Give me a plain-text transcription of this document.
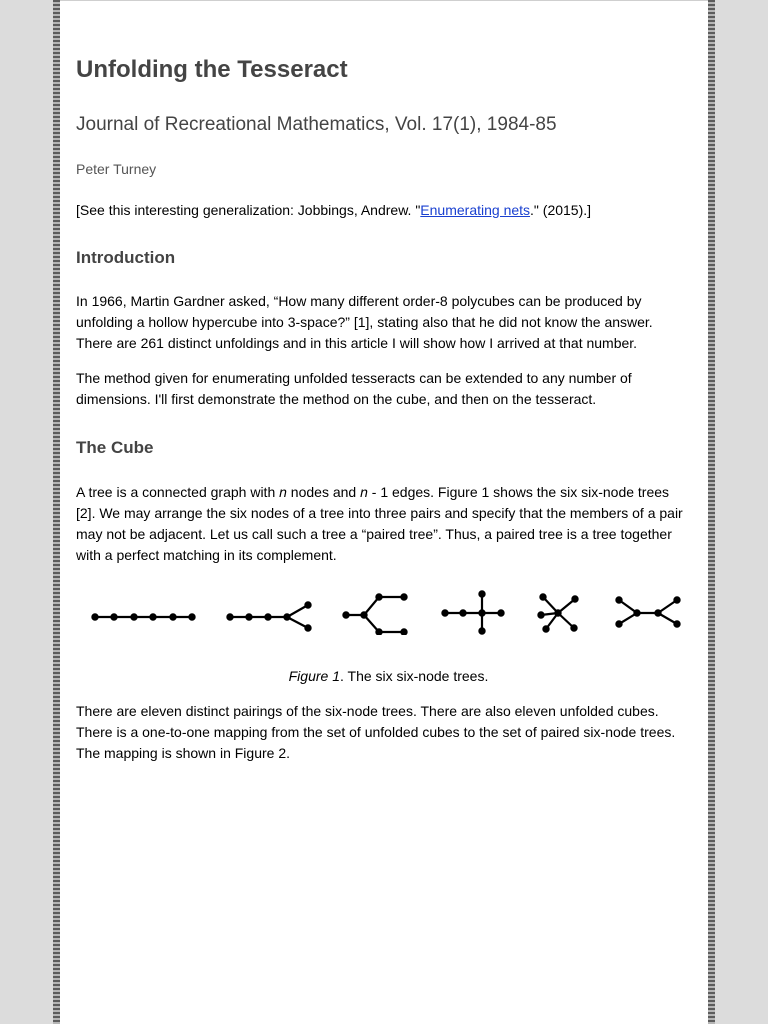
Unfolding the Tesseract
Journal of Recreational Mathematics, Vol. 17(1), 1984-85
Peter Turney
[See this interesting generalization: Jobbings, Andrew. "Enumerating nets." (2015).]
Introduction

In 1966, Martin Gardner asked, “How many different order-8 polycubes can be produced by
unfolding a hollow hypercube into 3-space?” [1], stating also that he did not know the answer.
There are 261 distinct unfoldings and in this article I will show how I arrived at that number.

The method given for enumerating unfolded tesseracts can be extended to any number of
dimensions. I'll first demonstrate the method on the cube, and then on the tesseract.

The Cube

A tree is a connected graph with n nodes and n - 1 edges. Figure 1 shows the six six-node trees
[2]. We may arrange the six nodes of a tree into three pairs and specify that the members of a pair
may not be adjacent. Let us call such a tree a “paired tree”. Thus, a paired tree is a tree together
with a perfect matching in its complement.

Figure 1. The six six-node trees.

There are eleven distinct pairings of the six-node trees. There are also eleven unfolded cubes.
There is a one-to-one mapping from the set of unfolded cubes to the set of paired six-node trees.
The mapping is shown in Figure 2.
